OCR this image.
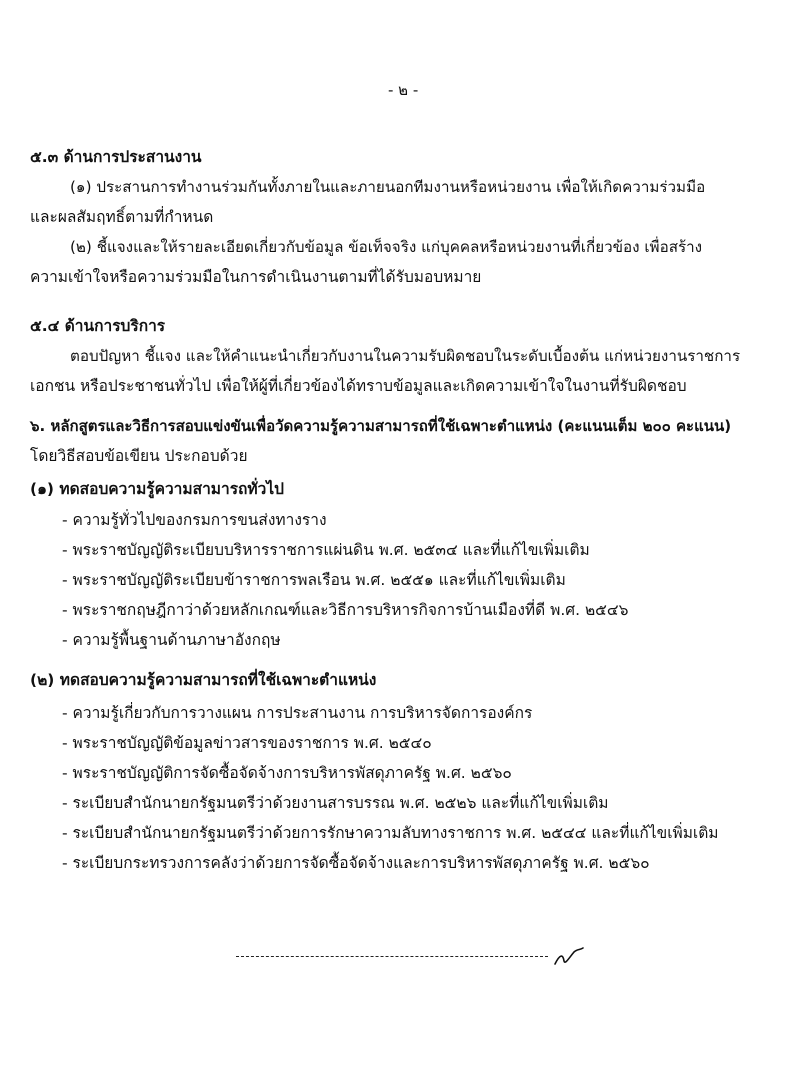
- ๒ -
๕.๓ ด้านการประสานงาน
(๑) ประสานการทำงานร่วมกันทั้งภายในและภายนอกทีมงานหรือหน่วยงาน เพื่อให้เกิดความร่วมมือ
และผลสัมฤทธิ์ตามที่กำหนด
(๒) ชี้แจงและให้รายละเอียดเกี่ยวกับข้อมูล ข้อเท็จจริง แก่บุคคลหรือหน่วยงานที่เกี่ยวข้อง เพื่อสร้าง
ความเข้าใจหรือความร่วมมือในการดำเนินงานตามที่ได้รับมอบหมาย
๕.๔ ด้านการบริการ
ตอบปัญหา ชี้แจง และให้คำแนะนำเกี่ยวกับงานในความรับผิดชอบในระดับเบื้องต้น แก่หน่วยงานราชการ
เอกชน หรือประชาชนทั่วไป เพื่อให้ผู้ที่เกี่ยวข้องได้ทราบข้อมูลและเกิดความเข้าใจในงานที่รับผิดชอบ
๖. หลักสูตรและวิธีการสอบแข่งขันเพื่อวัดความรู้ความสามารถที่ใช้เฉพาะตำแหน่ง (คะแนนเต็ม ๒๐๐ คะแนน)
โดยวิธีสอบข้อเขียน ประกอบด้วย
(๑) ทดสอบความรู้ความสามารถทั่วไป
- ความรู้ทั่วไปของกรมการขนส่งทางราง
- พระราชบัญญัติระเบียบบริหารราชการแผ่นดิน พ.ศ. ๒๕๓๔ และที่แก้ไขเพิ่มเติม
- พระราชบัญญัติระเบียบข้าราชการพลเรือน พ.ศ. ๒๕๕๑ และที่แก้ไขเพิ่มเติม
- พระราชกฤษฎีกาว่าด้วยหลักเกณฑ์และวิธีการบริหารกิจการบ้านเมืองที่ดี พ.ศ. ๒๕๔๖
- ความรู้พื้นฐานด้านภาษาอังกฤษ
(๒) ทดสอบความรู้ความสามารถที่ใช้เฉพาะตำแหน่ง
- ความรู้เกี่ยวกับการวางแผน การประสานงาน การบริหารจัดการองค์กร
- พระราชบัญญัติข้อมูลข่าวสารของราชการ พ.ศ. ๒๕๔๐
- พระราชบัญญัติการจัดซื้อจัดจ้างการบริหารพัสดุภาครัฐ พ.ศ. ๒๕๖๐
- ระเบียบสำนักนายกรัฐมนตรีว่าด้วยงานสารบรรณ พ.ศ. ๒๕๒๖ และที่แก้ไขเพิ่มเติม
- ระเบียบสำนักนายกรัฐมนตรีว่าด้วยการรักษาความลับทางราชการ พ.ศ. ๒๕๔๔ และที่แก้ไขเพิ่มเติม
- ระเบียบกระทรวงการคลังว่าด้วยการจัดซื้อจัดจ้างและการบริหารพัสดุภาครัฐ พ.ศ. ๒๕๖๐
